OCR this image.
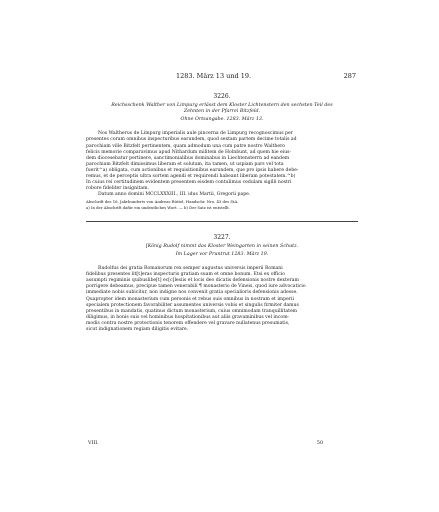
1283. März 13 und 19.	287
3226.
Reichsschenk Walther von Limpurg erlässt dem Kloster Lichtenstern den sechsten Teil des
Zehnten in der Pfarrei Bitzfeld.
Ohne Ortsangabe. 1283. März 13.

Nos Waltherus de Limpurg imperialis aule pincerna de Limpurg recognoscimus per

presentes coram omnibus inspecturibus earundem, quod sextam partem decime totalis ad

parochiam ville Bitzfelt pertinentem, quam admodum una cum patre nostro Walthero

felicis memorie comparavimus apud Nithardum militem de Holnbunt, ad quem hie eius-

dem diocesebatur pertinere, sanctimonialibus dominabus in Liechtensterrn ad eandem

parochiam Bitzfelt dimissimus liberam et solutam, ita tamen, ut uspiam pars vel tota

fuerit^a) obligata, cum actionibus et requisitionibus earundem, que pro ipsis habere debe-

remus, et de perceptis ultra sortem agendi et requirendi habeant liberam potestatem.^b)

In cuius rei certitudinem evidentem presentem eisdem contulimus cedulam sigilli nostri

robore fideliter insignitam.

Datum anno domini MCCLXXXIII., III. idus Martii, Gregorii pape.

Abschrift des 16. Jahrhunderts von Andreas Rüttel, Handschr. Nro. 43 des StA.
a) In der Abschrift dafür ein undeutliches Wort. — b) Der Satz ist entstellt.
3227.
[König Rudolf nimmt das Kloster Weingarten in seinen Schutz.
Im Lager vor Pruntrut 1283. März 19.

Rudolfus dei gratia Romanorum rex semper augustus universis imperii Romani

fidelibus presentes lit[t]eras inspecturis gratiam suam et omne bonum. Etsi ex officio

assumpti regiminis quibuslibe[t] ec[c]lesiis et locis deo dicatis defensionis nostre dexteram

porrigere debeamus, precipue tamen venerabili ¶ monasterio de Vineis, quod iure advocaticio

immediate nobis subicitur, non indigne nos convenit gratia specialioris defensionis adesse.

Quapropter idem monasterium cum personis et rebus suis omnibus in nostram et imperii

specialem protectionem favorabiliter assumentes universis vobis et singulis firmiter damus

presentibus in mandatis, quatinus dictum monasterium, cuius omnimodam tranquillitatem

diligimus, in bonis suis vel hominibus hospitationibus aut aliis gravaminibus vel incom-

modis contra nostre protectionis tenorem offendere vel gravare nullatenus presumatis,

sicut indignationem regiam diligitis evitare.

VIII.	50
